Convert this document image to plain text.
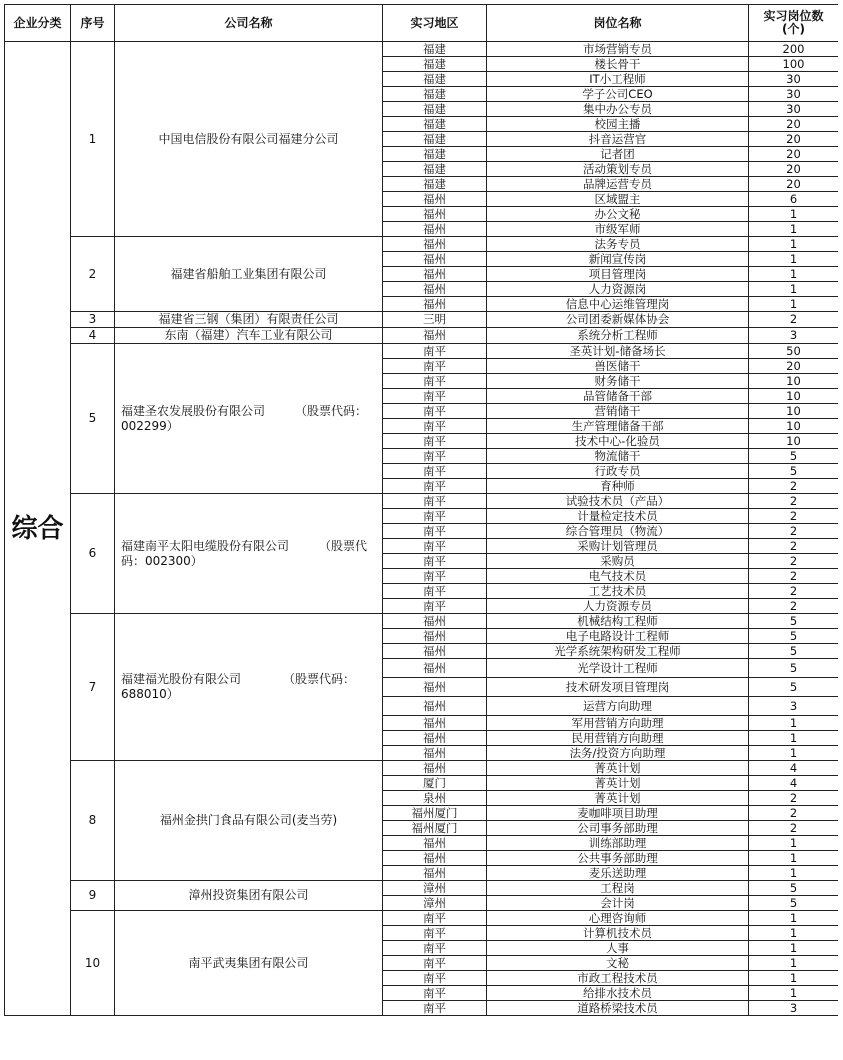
企业分类	序号	公司名称	实习地区	岗位名称	实习岗位数
(个)
综合	1	中国电信股份有限公司福建分公司	福建	市场营销专员	200
			福建	楼长骨干	100
			福建	IT小工程师	30
			福建	学子公司CEO	30
			福建	集中办公专员	30
			福建	校园主播	20
			福建	抖音运营官	20
			福建	记者团	20
			福建	活动策划专员	20
			福建	品牌运营专员	20
			福州	区域盟主	6
			福州	办公文秘	1
			福州	市级军师	1
	2	福建省船舶工业集团有限公司	福州	法务专员	1
			福州	新闻宣传岗	1
			福州	项目管理岗	1
			福州	人力资源岗	1
			福州	信息中心运维管理岗	1
	3	福建省三钢（集团）有限责任公司	三明	公司团委新媒体协会	2
	4	东南（福建）汽车工业有限公司	福州	系统分析工程师	3
	5	福建圣农发展股份有限公司　　　（股票代码：002299）	南平	圣英计划-储备场长	50
			南平	兽医储干	20
			南平	财务储干	10
			南平	品管储备干部	10
			南平	营销储干	10
			南平	生产管理储备干部	10
			南平	技术中心-化验员	10
			南平	物流储干	5
			南平	行政专员	5
			南平	育种师	2
	6	福建南平太阳电缆股份有限公司　　　（股票代码：002300）	南平	试验技术员（产品）	2
			南平	计量检定技术员	2
			南平	综合管理员（物流）	2
			南平	采购计划管理员	2
			南平	采购员	2
			南平	电气技术员	2
			南平	工艺技术员	2
			南平	人力资源专员	2
	7	福建福光股份有限公司　　　　（股票代码：688010）	福州	机械结构工程师	5
			福州	电子电路设计工程师	5
			福州	光学系统架构研发工程师	5
			福州	光学设计工程师	5
			福州	技术研发项目管理岗	5
			福州	运营方向助理	3
			福州	军用营销方向助理	1
			福州	民用营销方向助理	1
			福州	法务/投资方向助理	1
	8	福州金拱门食品有限公司(麦当劳)	福州	菁英计划	4
			厦门	菁英计划	4
			泉州	菁英计划	2
			福州厦门	麦咖啡项目助理	2
			福州厦门	公司事务部助理	2
			福州	训练部助理	1
			福州	公共事务部助理	1
			福州	麦乐送助理	1
	9	漳州投资集团有限公司	漳州	工程岗	5
			漳州	会计岗	5
	10	南平武夷集团有限公司	南平	心理咨询师	1
			南平	计算机技术员	1
			南平	人事	1
			南平	文秘	1
			南平	市政工程技术员	1
			南平	给排水技术员	1
			南平	道路桥梁技术员	3
